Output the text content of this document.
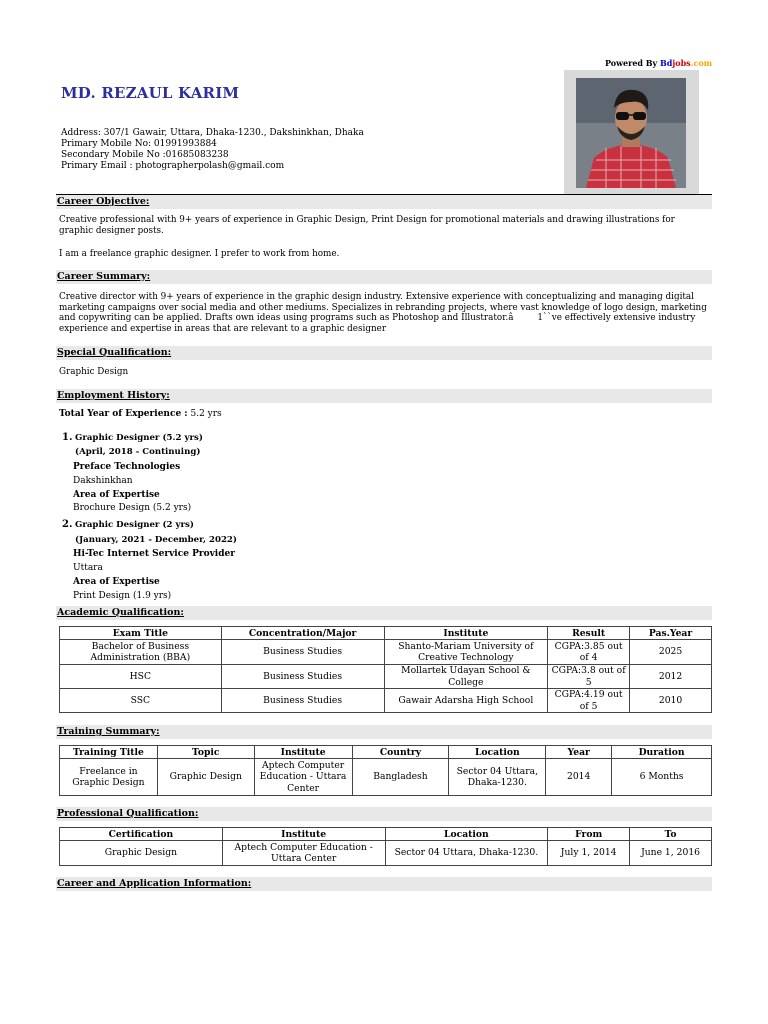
Powered By Bdjobs.com
MD. REZAUL KARIM
Address: 307/1 Gawair, Uttara, Dhaka-1230., Dakshinkhan, Dhaka
Primary Mobile No: 01991993884
Secondary Mobile No :01685083238
Primary Email : photographerpolash@gmail.com
Career Objective:
Creative professional with 9+ years of experience in Graphic Design, Print Design for promotional materials and drawing illustrations for graphic designer posts.
I am a freelance graphic designer. I prefer to work from home.
Career Summary:
Creative director with 9+ years of experience in the graphic design industry. Extensive experience with conceptualizing and managing digital marketing campaigns over social media and other mediums. Specializes in rebranding projects, where vast knowledge of logo design, marketing and copywriting can be applied. Drafts own ideas using programs such as Photoshop and Illustrator.â 1``ve effectively extensive industry experience and expertise in areas that are relevant to a graphic designer
Special Qualification:
Graphic Design
Employment History:
Total Year of Experience : 5.2 yrs
1. Graphic Designer (5.2 yrs)
(April, 2018 - Continuing)
Preface Technologies
Dakshinkhan
Area of Expertise
Brochure Design (5.2 yrs)
2. Graphic Designer (2 yrs)
(January, 2021 - December, 2022)
Hi-Tec Internet Service Provider
Uttara
Area of Expertise
Print Design (1.9 yrs)
Academic Qualification:
Exam Title	Concentration/Major	Institute	Result	Pas.Year
Bachelor of Business Administration (BBA)	Business Studies	Shanto-Mariam University of Creative Technology	CGPA:3.85 out of 4	2025
HSC	Business Studies	Mollartek Udayan School & College	CGPA:3.8 out of 5	2012
SSC	Business Studies	Gawair Adarsha High School	CGPA:4.19 out of 5	2010
Training Summary:
Training Title	Topic	Institute	Country	Location	Year	Duration
Freelance in Graphic Design	Graphic Design	Aptech Computer Education - Uttara Center	Bangladesh	Sector 04 Uttara, Dhaka-1230.	2014	6 Months
Professional Qualification:
Certification	Institute	Location	From	To
Graphic Design	Aptech Computer Education - Uttara Center	Sector 04 Uttara, Dhaka-1230.	July 1, 2014	June 1, 2016
Career and Application Information:
